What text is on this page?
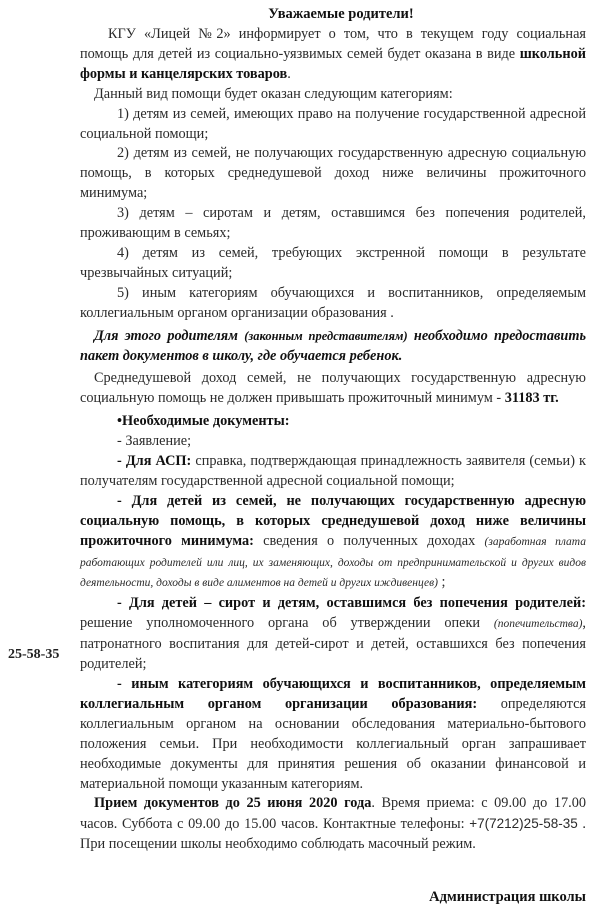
Уважаемые родители!

КГУ «Лицей №2» информирует о том, что в текущем году социальная помощь для детей из социально-уязвимых семей будет оказана в виде школьной формы и канцелярских товаров.

Данный вид помощи будет оказан следующим категориям:

1) детям из семей, имеющих право на получение государственной адресной социальной помощи;

2) детям из семей, не получающих государственную адресную социальную помощь, в которых среднедушевой доход ниже величины прожиточного минимума;

3) детям – сиротам и детям, оставшимся без попечения родителей, проживающим в семьях;

4) детям из семей, требующих экстренной помощи в результате чрезвычайных ситуаций;

5) иным категориям обучающихся и воспитанников, определяемым коллегиальным органом организации образования .

Для этого родителям (законным представителям) необходимо предоставить пакет документов в школу, где обучается ребенок.

Среднедушевой доход семей, не получающих государственную адресную социальную помощь не должен привышать прожиточный минимум - 31183 тг.

•Необходимые документы:

- Заявление;

- Для АСП: справка, подтверждающая принадлежность заявителя (семьи) к получателям государственной адресной социальной помощи;

- Для детей из семей, не получающих государственную адресную социальную помощь, в которых среднедушевой доход ниже величины прожиточного минимума: сведения о полученных доходах (заработная плата работающих родителей или лиц, их заменяющих, доходы от предпринимательской и других видов деятельности, доходы в виде алиментов на детей и других иждивенцев) ;

- Для детей – сирот и детям, оставшимся без попечения родителей: решение уполномоченного органа об утверждении опеки (попечительства), патронатного воспитания для детей-сирот и детей, оставшихся без попечения родителей;

- иным категориям обучающихся и воспитанников, определяемым коллегиальным органом организации образования: определяются коллегиальным органом на основании обследования материально-бытового положения семьи. При необходимости коллегиальный орган запрашивает необходимые документы для принятия решения об оказании финансовой и материальной помощи указанным категориям.

Прием документов до 25 июня 2020 года. Время приема: с 09.00 до 17.00 часов. Суббота с 09.00 до 15.00 часов. Контактные телефоны: +7(7212)25-58-35 . При посещении школы необходимо соблюдать масочный режим.

Администрация школы
25-58-35
